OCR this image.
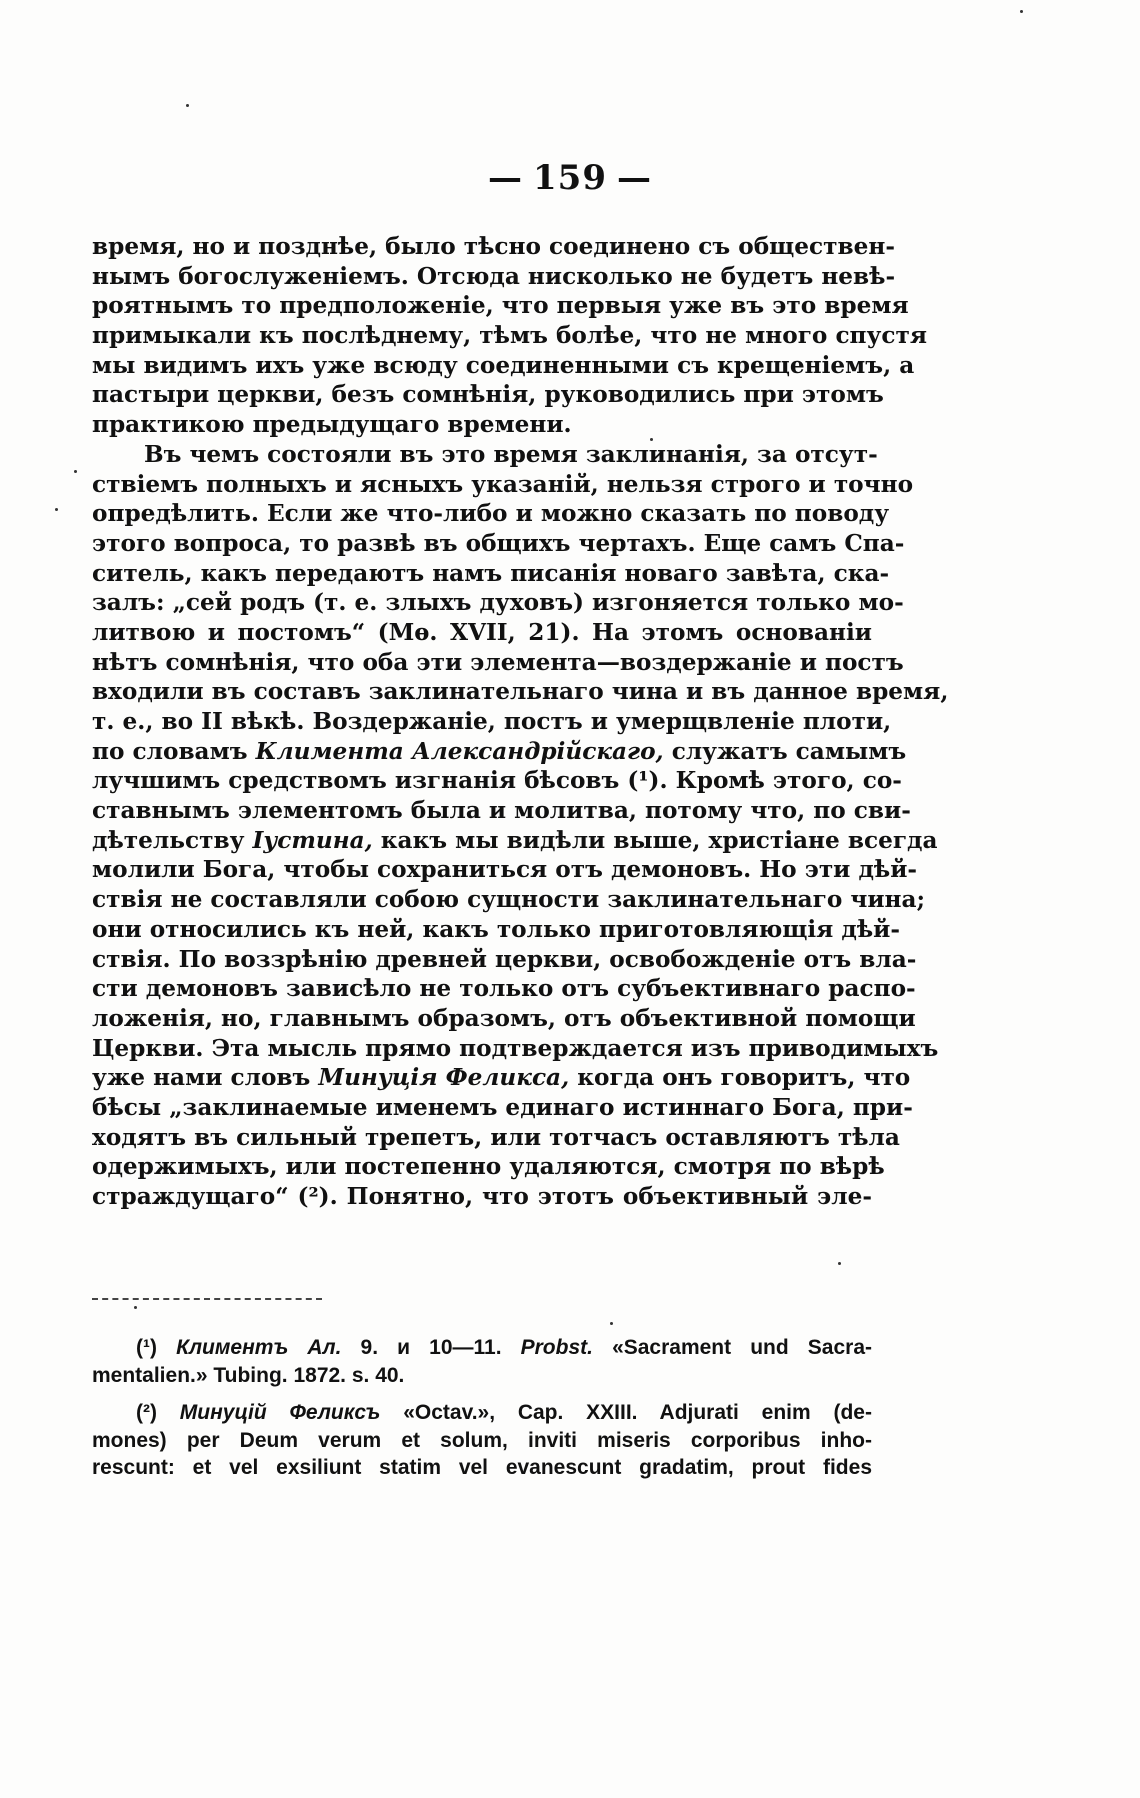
— 159 —
время, но и позднѣе, было тѣсно соединено съ обществен-
нымъ богослуженіемъ. Отсюда нисколько не будетъ невѣ-
роятнымъ то предположеніе, что первыя уже въ это время
примыкали къ послѣднему, тѣмъ болѣе, что не много спустя
мы видимъ ихъ уже всюду соединенными съ крещеніемъ, а
пастыри церкви, безъ сомнѣнія, руководились при этомъ
практикою предыдущаго времени.
Въ чемъ состояли въ это время заклинанія, за отсут-
ствіемъ полныхъ и ясныхъ указаній, нельзя строго и точно
опредѣлить. Если же что-либо и можно сказать по поводу
этого вопроса, то развѣ въ общихъ чертахъ. Еще самъ Спа-
ситель, какъ передаютъ намъ писанія новаго завѣта, ска-
залъ: „сей родъ (т. е. злыхъ духовъ) изгоняется только мо-
литвою и постомъ“ (Мѳ. XVII, 21). На этомъ основаніи
нѣтъ сомнѣнія, что оба эти элемента—воздержаніе и постъ
входили въ составъ заклинательнаго чина и въ данное время,
т. е., во II вѣкѣ. Воздержаніе, постъ и умерщвленіе плоти,
по словамъ Климента Александрійскаго, служатъ самымъ
лучшимъ средствомъ изгнанія бѣсовъ (¹). Кромѣ этого, со-
ставнымъ элементомъ была и молитва, потому что, по сви-
дѣтельству Іустина, какъ мы видѣли выше, христіане всегда
молили Бога, чтобы сохраниться отъ демоновъ. Но эти дѣй-
ствія не составляли собою сущности заклинательнаго чина;
они относились къ ней, какъ только приготовляющія дѣй-
ствія. По воззрѣнію древней церкви, освобожденіе отъ вла-
сти демоновъ зависѣло не только отъ субъективнаго распо-
ложенія, но, главнымъ образомъ, отъ объективной помощи
Церкви. Эта мысль прямо подтверждается изъ приводимыхъ
уже нами словъ Минуція Феликса, когда онъ говоритъ, что
бѣсы „заклинаемые именемъ единаго истиннаго Бога, при-
ходятъ въ сильный трепетъ, или тотчасъ оставляютъ тѣла
одержимыхъ, или постепенно удаляются, смотря по вѣрѣ
страждущаго“ (²). Понятно, что этотъ объективный эле-
(¹) Климентъ Ал. 9. и 10—11. Probst. «Sacrament und Sacra-
mentalien.» Tubing. 1872. s. 40.
(²) Минуцій Феликсъ «Octav.», Cap. XXIII. Adjurati enim (de-
mones) per Deum verum et solum, inviti miseris corporibus inho-
rescunt: et vel exsiliunt statim vel evanescunt gradatim, prout fides
